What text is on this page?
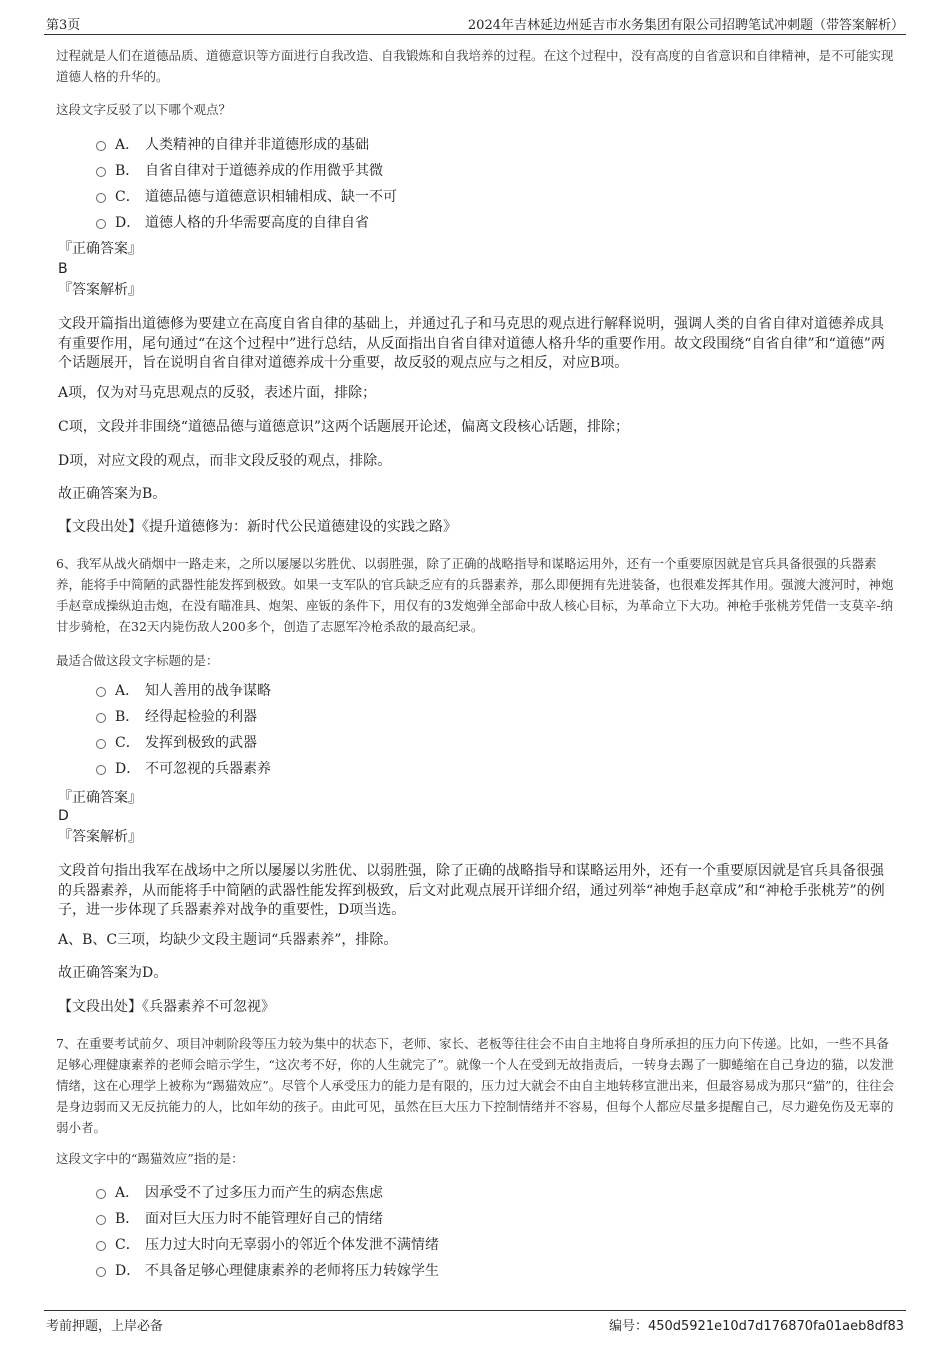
第3页	2024年吉林延边州延吉市水务集团有限公司招聘笔试冲刺题（带答案解析）
过程就是人们在道德品质、道德意识等方面进行自我改造、自我锻炼和自我培养的过程。在这个过程中，没有高度的自省意识和自律精神，是不可能实现道德人格的升华的。
这段文字反驳了以下哪个观点？
A． 人类精神的自律并非道德形成的基础
B． 自省自律对于道德养成的作用微乎其微
C． 道德品德与道德意识相辅相成、缺一不可
D． 道德人格的升华需要高度的自律自省
『正确答案』
B
『答案解析』
文段开篇指出道德修为要建立在高度自省自律的基础上，并通过孔子和马克思的观点进行解释说明，强调人类的自省自律对道德养成具有重要作用，尾句通过“在这个过程中”进行总结，从反面指出自省自律对道德人格升华的重要作用。故文段围绕“自省自律”和“道德”两个话题展开，旨在说明自省自律对道德养成十分重要，故反驳的观点应与之相反，对应B项。
A项，仅为对马克思观点的反驳，表述片面，排除；
C项，文段并非围绕“道德品德与道德意识”这两个话题展开论述，偏离文段核心话题，排除；
D项，对应文段的观点，而非文段反驳的观点，排除。
故正确答案为B。
【文段出处】《提升道德修为：新时代公民道德建设的实践之路》
6、我军从战火硝烟中一路走来，之所以屡屡以劣胜优、以弱胜强，除了正确的战略指导和谋略运用外，还有一个重要原因就是官兵具备很强的兵器素养，能将手中简陋的武器性能发挥到极致。如果一支军队的官兵缺乏应有的兵器素养，那么即便拥有先进装备，也很难发挥其作用。强渡大渡河时，神炮手赵章成操纵迫击炮，在没有瞄准具、炮架、座钣的条件下，用仅有的3发炮弹全部命中敌人核心目标，为革命立下大功。神枪手张桃芳凭借一支莫辛-纳甘步骑枪，在32天内毙伤敌人200多个，创造了志愿军冷枪杀敌的最高纪录。
最适合做这段文字标题的是：
A． 知人善用的战争谋略
B． 经得起检验的利器
C． 发挥到极致的武器
D． 不可忽视的兵器素养
『正确答案』
D
『答案解析』
文段首句指出我军在战场中之所以屡屡以劣胜优、以弱胜强，除了正确的战略指导和谋略运用外，还有一个重要原因就是官兵具备很强的兵器素养，从而能将手中简陋的武器性能发挥到极致，后文对此观点展开详细介绍，通过列举“神炮手赵章成”和“神枪手张桃芳”的例子，进一步体现了兵器素养对战争的重要性，D项当选。
A、B、C三项，均缺少文段主题词“兵器素养”，排除。
故正确答案为D。
【文段出处】《兵器素养不可忽视》
7、在重要考试前夕、项目冲刺阶段等压力较为集中的状态下，老师、家长、老板等往往会不由自主地将自身所承担的压力向下传递。比如，一些不具备足够心理健康素养的老师会暗示学生，“这次考不好，你的人生就完了”。就像一个人在受到无故指责后，一转身去踢了一脚蜷缩在自己身边的猫，以发泄情绪，这在心理学上被称为“踢猫效应”。尽管个人承受压力的能力是有限的，压力过大就会不由自主地转移宣泄出来，但最容易成为那只“猫”的，往往会是身边弱而又无反抗能力的人，比如年幼的孩子。由此可见，虽然在巨大压力下控制情绪并不容易，但每个人都应尽量多提醒自己，尽力避免伤及无辜的弱小者。
这段文字中的“踢猫效应”指的是：
A． 因承受不了过多压力而产生的病态焦虑
B． 面对巨大压力时不能管理好自己的情绪
C． 压力过大时向无辜弱小的邻近个体发泄不满情绪
D． 不具备足够心理健康素养的老师将压力转嫁学生
考前押题，上岸必备	编号：450d5921e10d7d176870fa01aeb8df83
